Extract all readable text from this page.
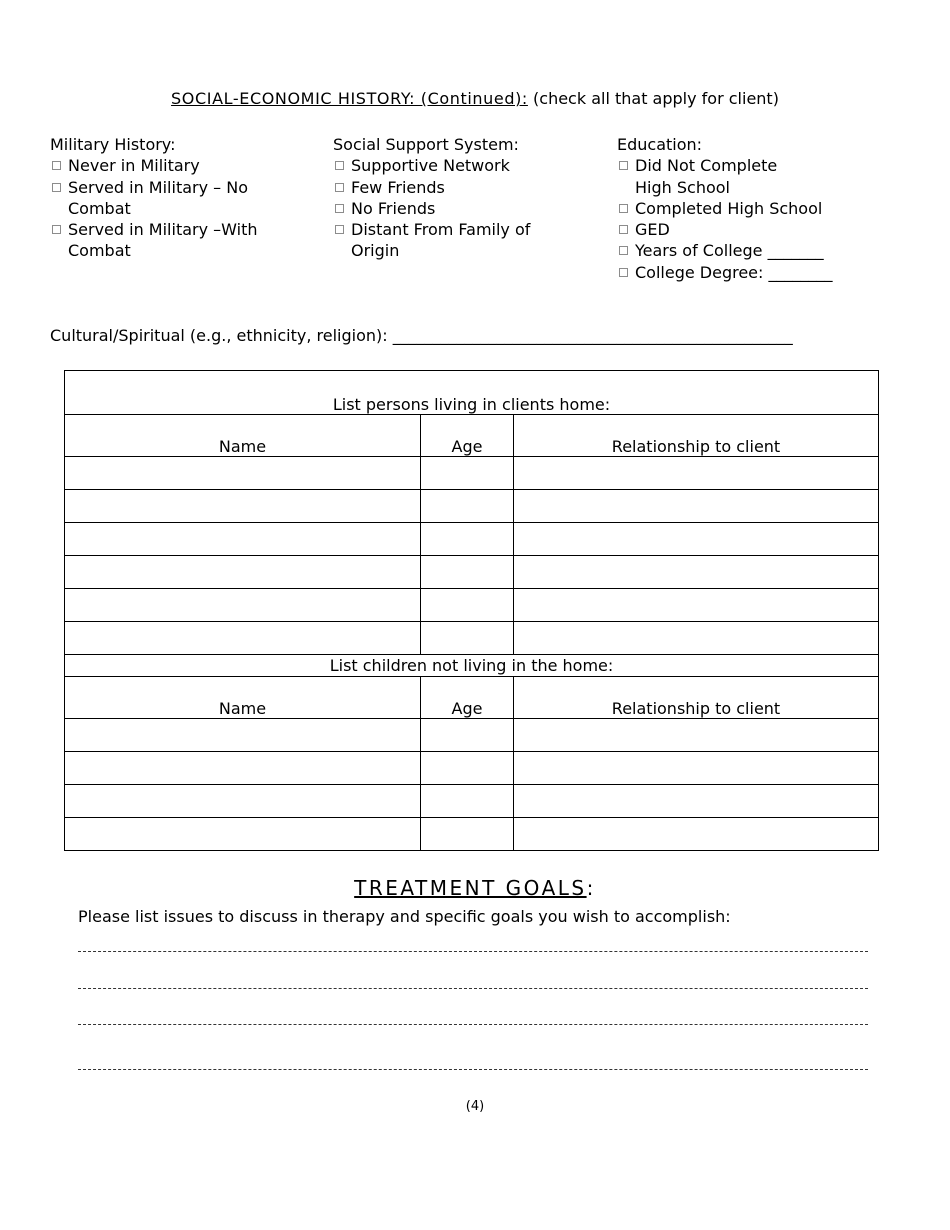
SOCIAL-ECONOMIC HISTORY: (Continued): (check all that apply for client)
Military History:
Never in Military
Served in Military – No
Combat
Served in Military –With
Combat
Social Support System:
Supportive Network
Few Friends
No Friends
Distant From Family of
Origin
Education:
Did Not Complete
High School
Completed High School
GED
Years of College _______
College Degree: ________
Cultural/Spiritual (e.g., ethnicity, religion): __________________________________________________
List persons living in clients home:		
Name	Age	Relationship to client

List children not living in the home:		
Name	Age	Relationship to client

TREATMENT GOALS:
Please list issues to discuss in therapy and specific goals you wish to accomplish:
(4)
